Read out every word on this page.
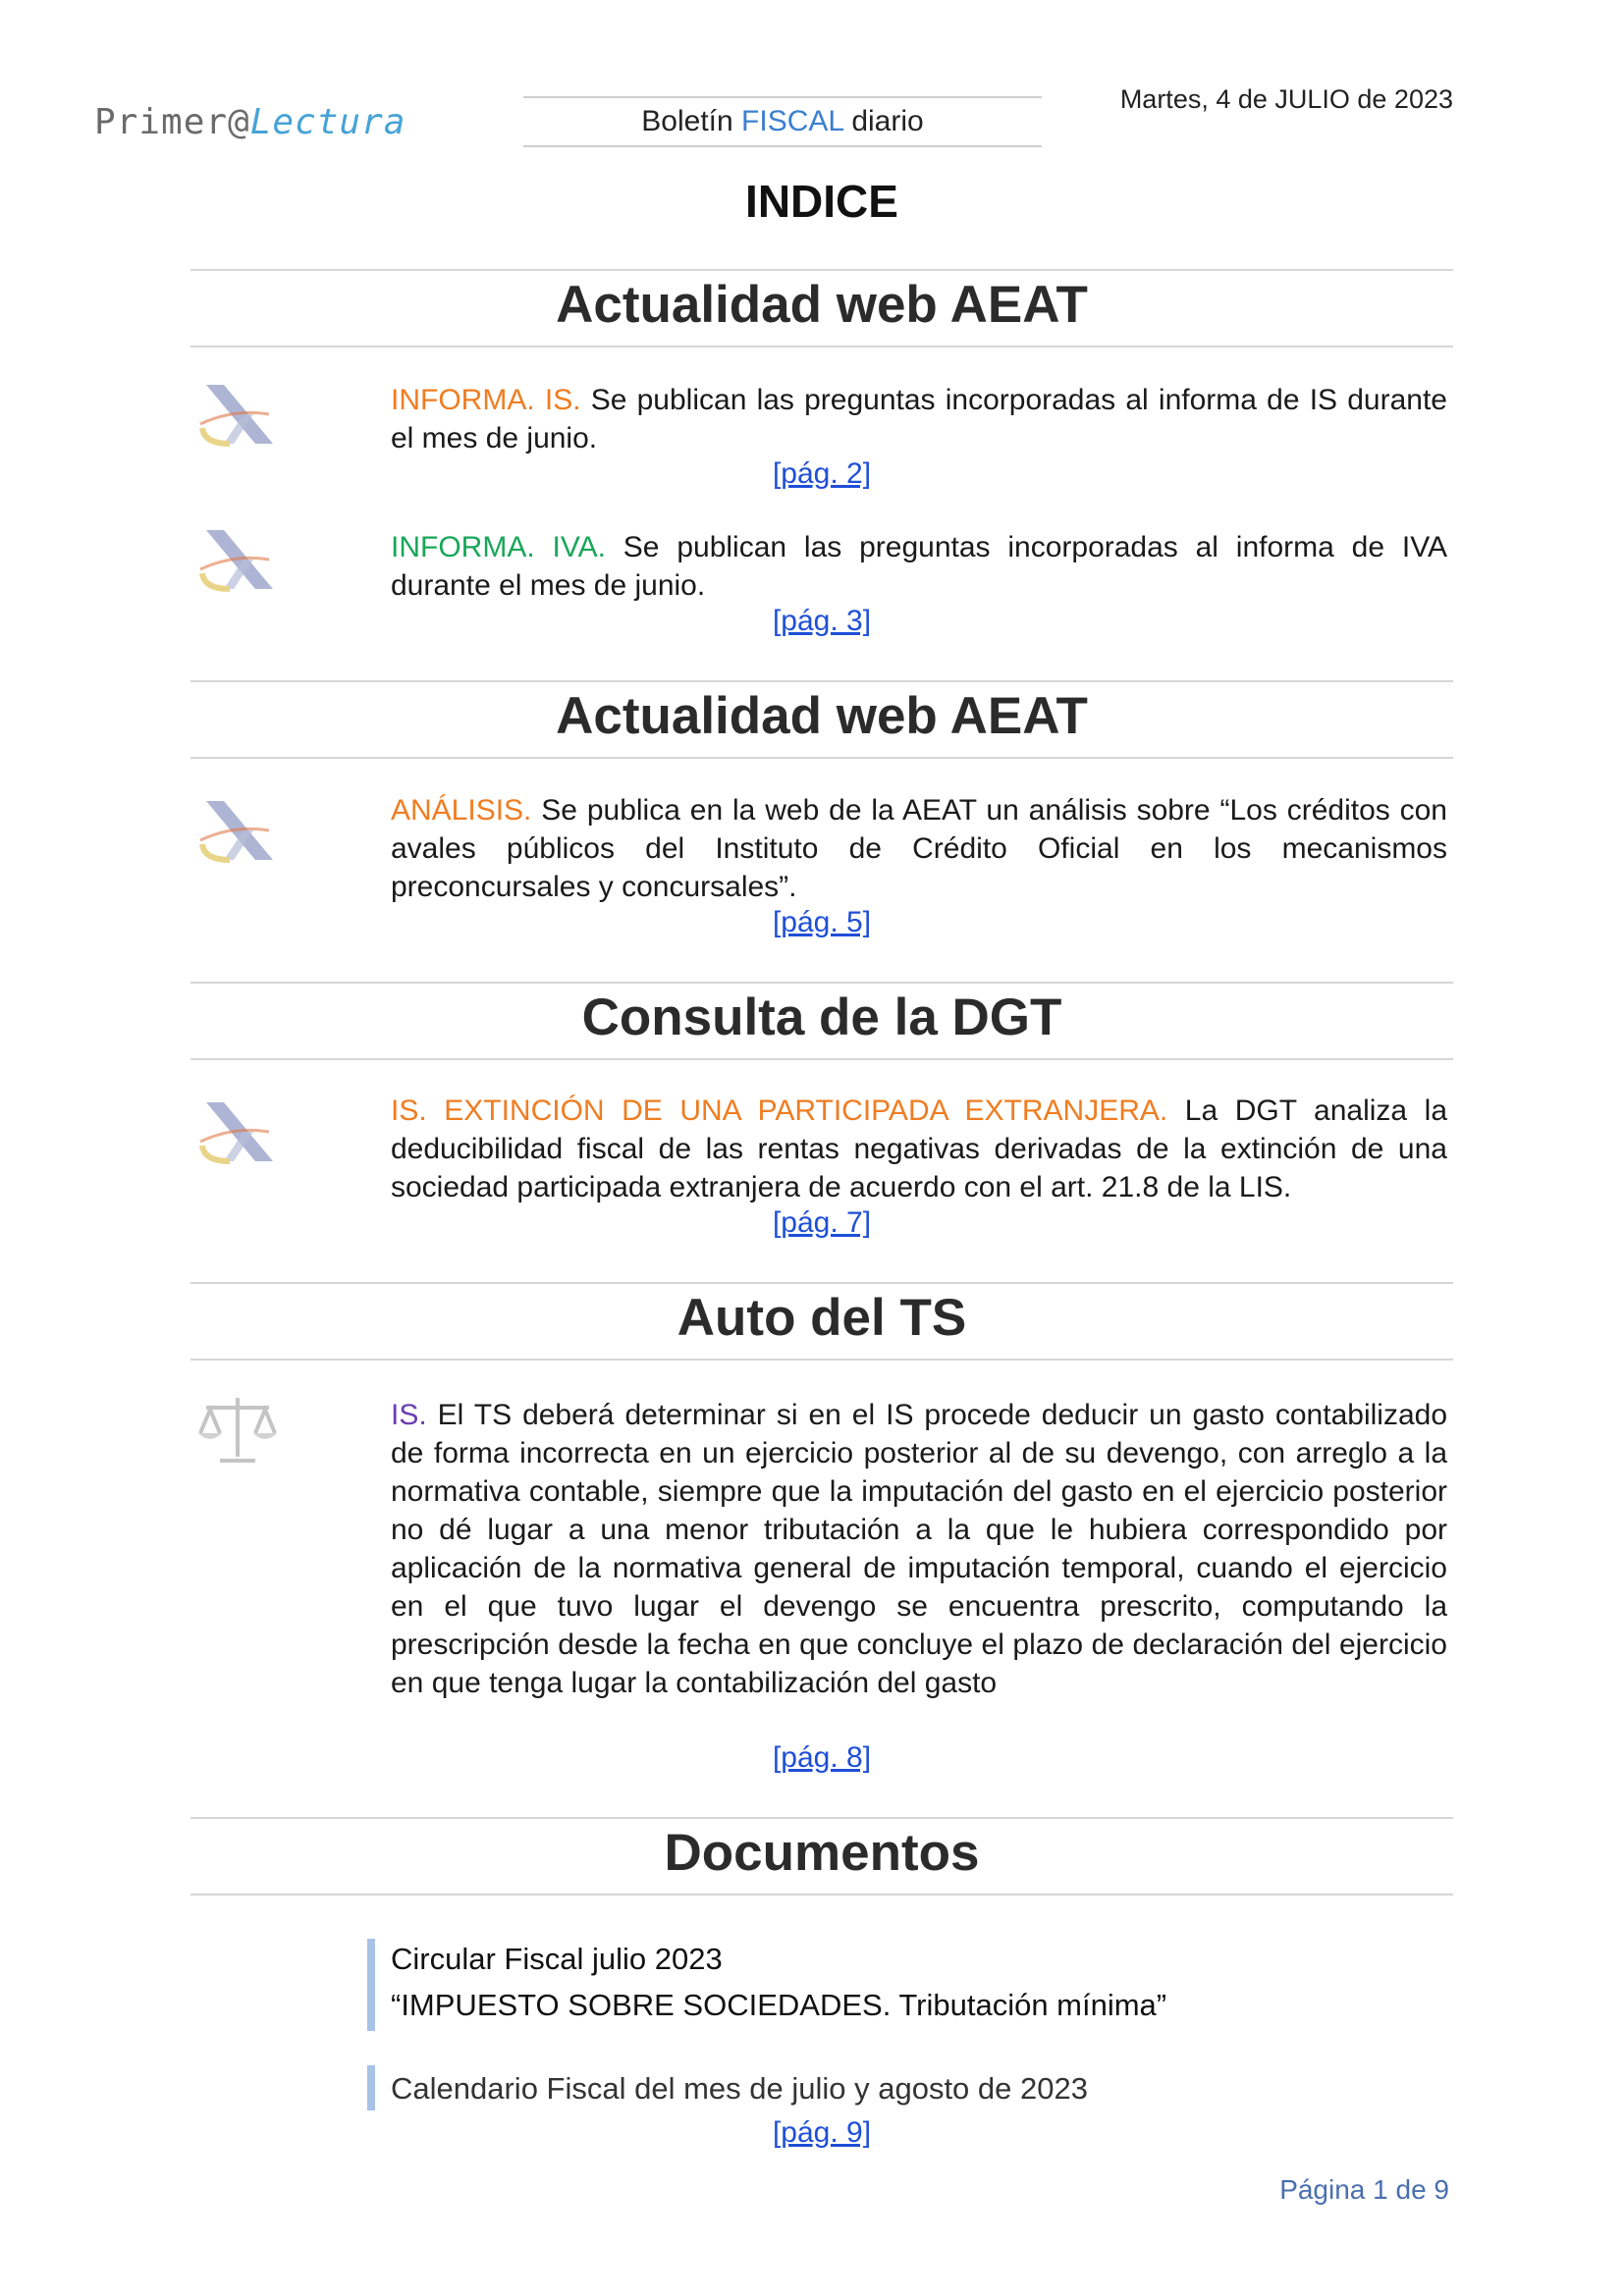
Primer@Lectura	Boletín FISCAL diario
Martes, 4 de JULIO de 2023
INDICE
Actualidad web AEAT
INFORMA. IS. Se publican las preguntas incorporadas al informa de IS durante el mes de junio.
[pág. 2]
INFORMA. IVA. Se publican las preguntas incorporadas al informa de IVA durante el mes de junio.
[pág. 3]
Actualidad web AEAT
ANÁLISIS. Se publica en la web de la AEAT un análisis sobre “Los créditos con avales públicos del Instituto de Crédito Oficial en los mecanismos preconcursales y concursales”.
[pág. 5]
Consulta de la DGT
IS. EXTINCIÓN DE UNA PARTICIPADA EXTRANJERA. La DGT analiza la deducibilidad fiscal de las rentas negativas derivadas de la extinción de una sociedad participada extranjera de acuerdo con el art. 21.8 de la LIS.
[pág. 7]
Auto del TS
IS. El TS deberá determinar si en el IS procede deducir un gasto contabilizado de forma incorrecta en un ejercicio posterior al de su devengo, con arreglo a la normativa contable, siempre que la imputación del gasto en el ejercicio posterior no dé lugar a una menor tributación a la que le hubiera correspondido por aplicación de la normativa general de imputación temporal, cuando el ejercicio en el que tuvo lugar el devengo se encuentra prescrito, computando la prescripción desde la fecha en que concluye el plazo de declaración del ejercicio en que tenga lugar la contabilización del gasto
[pág. 8]
Documentos
Circular Fiscal julio 2023
“IMPUESTO SOBRE SOCIEDADES. Tributación mínima”
Calendario Fiscal del mes de julio y agosto de 2023
[pág. 9]
Página 1 de 9
